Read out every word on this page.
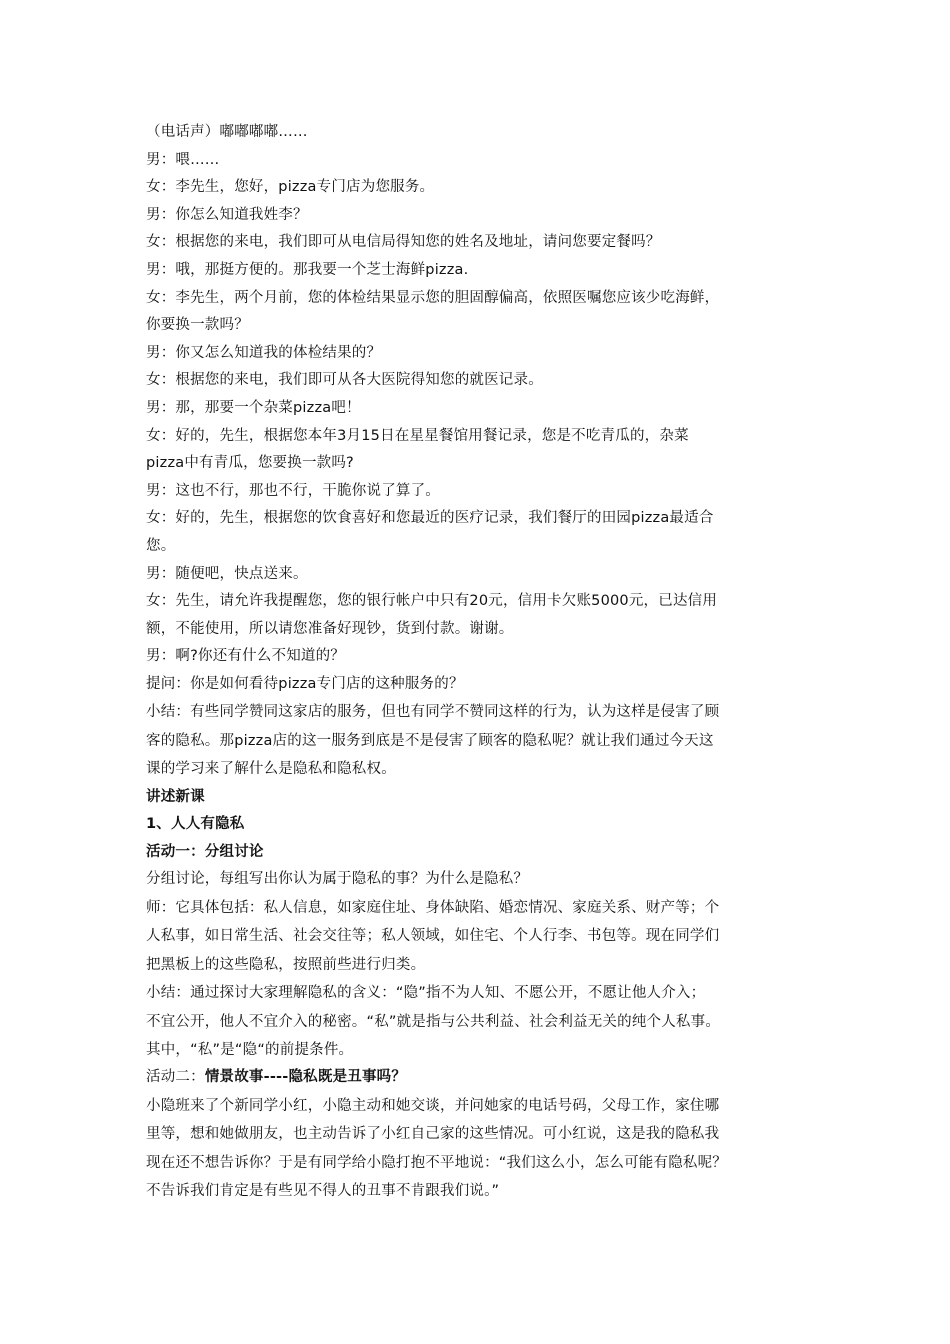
（电话声）嘟嘟嘟嘟……
男：喂……
女：李先生，您好，pizza专门店为您服务。
男：你怎么知道我姓李？
女：根据您的来电，我们即可从电信局得知您的姓名及地址，请问您要定餐吗？
男：哦，那挺方便的。那我要一个芝士海鲜pizza.
女：李先生，两个月前，您的体检结果显示您的胆固醇偏高，依照医嘱您应该少吃海鲜，
你要换一款吗？
男：你又怎么知道我的体检结果的？
女：根据您的来电，我们即可从各大医院得知您的就医记录。
男：那，那要一个杂菜pizza吧！
女：好的，先生，根据您本年3月15日在星星餐馆用餐记录，您是不吃青瓜的，杂菜
pizza中有青瓜，您要换一款吗?
男：这也不行，那也不行，干脆你说了算了。
女：好的，先生，根据您的饮食喜好和您最近的医疗记录，我们餐厅的田园pizza最适合
您。
男：随便吧，快点送来。
女：先生，请允许我提醒您，您的银行帐户中只有20元，信用卡欠账5000元，已达信用
额，不能使用，所以请您准备好现钞，货到付款。谢谢。
男：啊?你还有什么不知道的？
提问：你是如何看待pizza专门店的这种服务的？
小结：有些同学赞同这家店的服务，但也有同学不赞同这样的行为，认为这样是侵害了顾
客的隐私。那pizza店的这一服务到底是不是侵害了顾客的隐私呢？就让我们通过今天这
课的学习来了解什么是隐私和隐私权。
讲述新课
1、人人有隐私
活动一：分组讨论
分组讨论，每组写出你认为属于隐私的事？为什么是隐私？
师：它具体包括：私人信息，如家庭住址、身体缺陷、婚恋情况、家庭关系、财产等；个
人私事，如日常生活、社会交往等；私人领域，如住宅、个人行李、书包等。现在同学们
把黑板上的这些隐私，按照前些进行归类。
小结：通过探讨大家理解隐私的含义：“隐”指不为人知、不愿公开，不愿让他人介入；
不宜公开，他人不宜介入的秘密。“私”就是指与公共利益、社会利益无关的纯个人私事。
其中，“私”是“隐“的前提条件。
活动二：情景故事----隐私既是丑事吗？
小隐班来了个新同学小红，小隐主动和她交谈，并问她家的电话号码，父母工作，家住哪
里等，想和她做朋友，也主动告诉了小红自己家的这些情况。可小红说，这是我的隐私我
现在还不想告诉你？于是有同学给小隐打抱不平地说：“我们这么小，怎么可能有隐私呢？
不告诉我们肯定是有些见不得人的丑事不肯跟我们说。”
